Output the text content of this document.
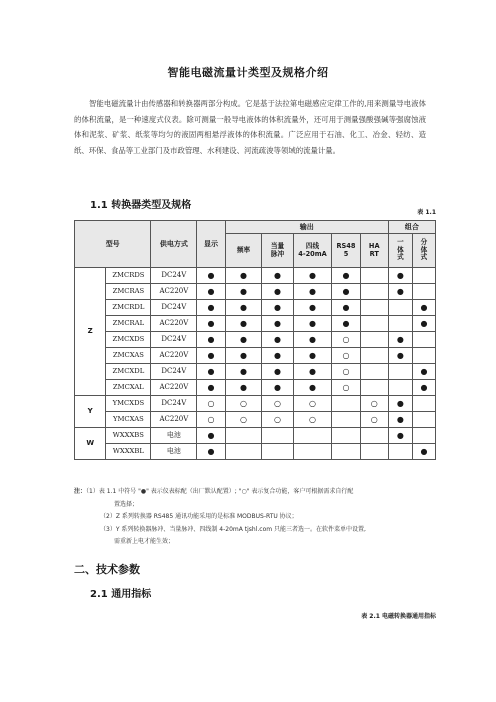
智能电磁流量计类型及规格介绍
智能电磁流量计由传感器和转换器两部分构成。它是基于法拉第电磁感应定律工作的,用来测量导电液体的体积流量，是一种速度式仪表。除可测量一般导电液体的体积流量外，还可用于测量强酸强碱等强腐蚀液体和泥浆、矿浆、纸浆等均匀的液固两相悬浮液体的体积流量。广泛应用于石油、化工、冶金、轻纺、造纸、环保、食品等工业部门及市政管理、水利建设、河流疏浚等领域的流量计量。
1.1 转换器类型及规格
表 1.1
型号		供电方式	显示	输出					组合	
				频率	当量
脉冲	四线
4-20mA	RS48
5	HA
RT	一
体
式	分
体
式
Z	ZMCRDS	DC24V	●	●	●	●	●		●	
	ZMCRAS	AC220V	●	●	●	●	●		●	
	ZMCRDL	DC24V	●	●	●	●	●			●
	ZMCRAL	AC220V	●	●	●	●	●			●
	ZMCXDS	DC24V	●	●	●	●	○		●	
	ZMCXAS	AC220V	●	●	●	●	○		●	
	ZMCXDL	DC24V	●	●	●	●	○			●
	ZMCXAL	AC220V	●	●	●	●	○			●
Y	YMCXDS	DC24V	○	○	○	○		○	●	
	YMCXAS	AC220V	○	○	○	○		○	●	
W	WXXXBS	电池	●						●	
	WXXXBL	电池	●							●
注：（1）表 1.1 中符号 "●" 表示仪表标配（出厂默认配置）; "○" 表示复合功能，客户可根据需求自行配
置选择；
（2）Z 系列转换器 RS485 通讯功能采用的是标准 MODBUS-RTU 协议；
（3）Y 系列转换器脉冲、当量脉冲、四线制 4-20mA tjshl.com 只能三者选一。在软件菜单中设置,
需重新上电才能生效；
二、技术参数
2.1 通用指标
表 2.1 电磁转换器通用指标
